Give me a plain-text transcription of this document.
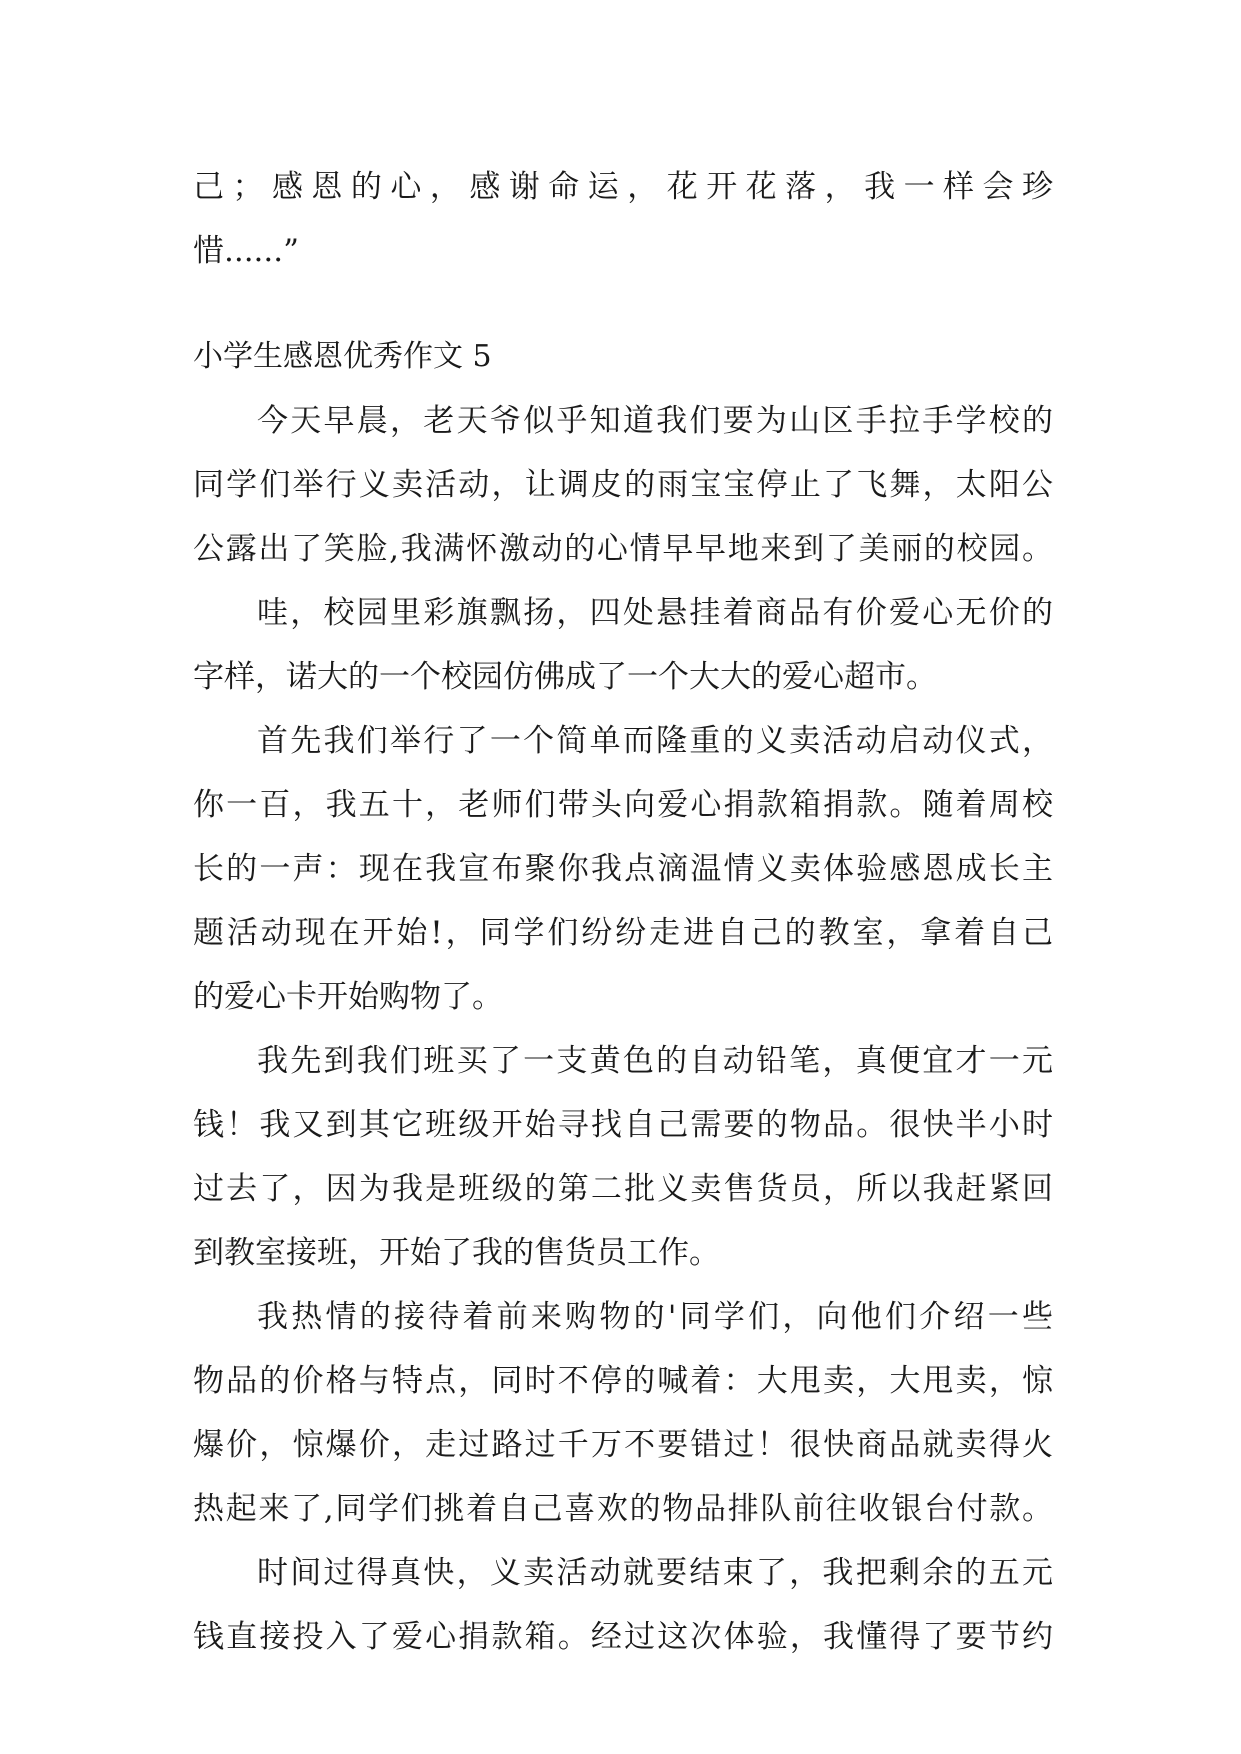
己；感恩的心，感谢命运，花开花落，我一样会珍
惜......”
小学生感恩优秀作文 5
今天早晨，老天爷似乎知道我们要为山区手拉手学校的
同学们举行义卖活动，让调皮的雨宝宝停止了飞舞，太阳公
公露出了笑脸,我满怀激动的心情早早地来到了美丽的校园。
哇，校园里彩旗飘扬，四处悬挂着商品有价爱心无价的
字样，诺大的一个校园仿佛成了一个大大的爱心超市。
首先我们举行了一个简单而隆重的义卖活动启动仪式，
你一百，我五十，老师们带头向爱心捐款箱捐款。随着周校
长的一声：现在我宣布聚你我点滴温情义卖体验感恩成长主
题活动现在开始!，同学们纷纷走进自己的教室，拿着自己
的爱心卡开始购物了。
我先到我们班买了一支黄色的自动铅笔，真便宜才一元
钱！我又到其它班级开始寻找自己需要的物品。很快半小时
过去了，因为我是班级的第二批义卖售货员，所以我赶紧回
到教室接班，开始了我的售货员工作。
我热情的接待着前来购物的'同学们，向他们介绍一些
物品的价格与特点，同时不停的喊着：大甩卖，大甩卖，惊
爆价，惊爆价，走过路过千万不要错过！很快商品就卖得火
热起来了,同学们挑着自己喜欢的物品排队前往收银台付款。
时间过得真快，义卖活动就要结束了，我把剩余的五元
钱直接投入了爱心捐款箱。经过这次体验，我懂得了要节约
